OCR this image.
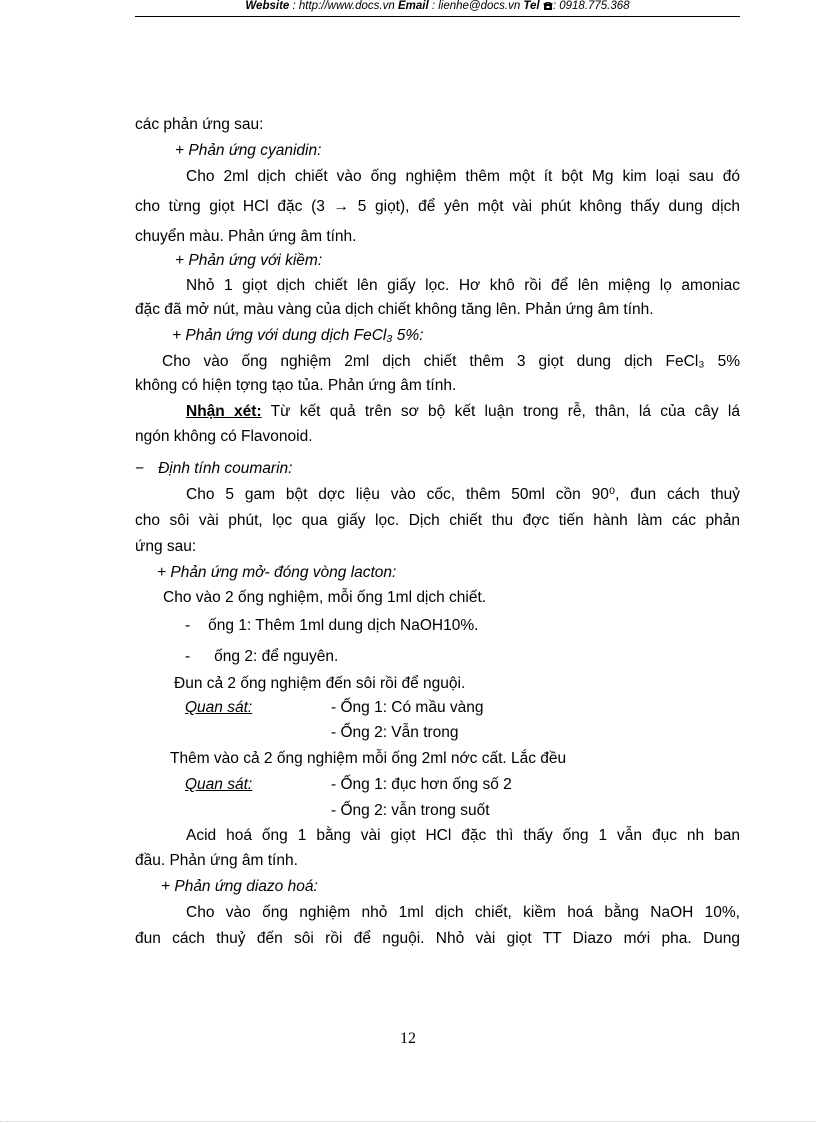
Website : http://www.docs.vn Email : lienhe@docs.vn Tel : 0918.775.368
các phản ứng sau:
+ Phản ứng cyanidin:
Cho 2ml dịch chiết vào ống nghiệm thêm một ít bột Mg kim loại sau đó
cho từng giọt HCl đặc (3 → 5 giọt), để yên một vài phút không thấy dung dịch
chuyển màu. Phản ứng âm tính.
+ Phản ứng với kiềm:
Nhỏ 1 giọt dịch chiết lên giấy lọc. Hơ khô rồi để lên miệng lọ amoniac
đặc đã mở nút, màu vàng của dịch chiết không tăng lên. Phản ứng âm tính.
+ Phản ứng với dung dịch FeCl₃ 5%:
Cho vào ống nghiệm 2ml dịch chiết thêm 3 giọt dung dịch FeCl₃ 5%
không có hiện tợng tạo tủa. Phản ứng âm tính.
Nhận xét: Từ kết quả trên sơ bộ kết luận trong rễ, thân, lá của cây lá
ngón không có Flavonoid.
− Định tính coumarin:
Cho 5 gam bột dợc liệu vào cốc, thêm 50ml cồn 90⁰, đun cách thuỷ
cho sôi vài phút, lọc qua giấy lọc. Dịch chiết thu đợc tiến hành làm các phản
ứng sau:
+ Phản ứng mở- đóng vòng lacton:
Cho vào 2 ống nghiệm, mỗi ống 1ml dịch chiết.
- ống 1: Thêm 1ml dung dịch NaOH10%.
- ống 2: để nguyên.
Đun cả 2 ống nghiệm đến sôi rồi để nguội.
Quan sát:	- Ống 1: Có mầu vàng
- Ống 2: Vẫn trong
Thêm vào cả 2 ống nghiệm mỗi ống 2ml nớc cất. Lắc đều
Quan sát:	- Ống 1: đục hơn ống số 2
- Ống 2: vẫn trong suốt
Acid hoá ống 1 bằng vài giọt HCl đặc thì thấy ống 1 vẫn đục nh ban
đầu. Phản ứng âm tính.
+ Phản ứng diazo hoá:
Cho vào ống nghiệm nhỏ 1ml dịch chiết, kiềm hoá bằng NaOH 10%,
đun cách thuỷ đến sôi rồi để nguội. Nhỏ vài giọt TT Diazo mới pha. Dung
12
